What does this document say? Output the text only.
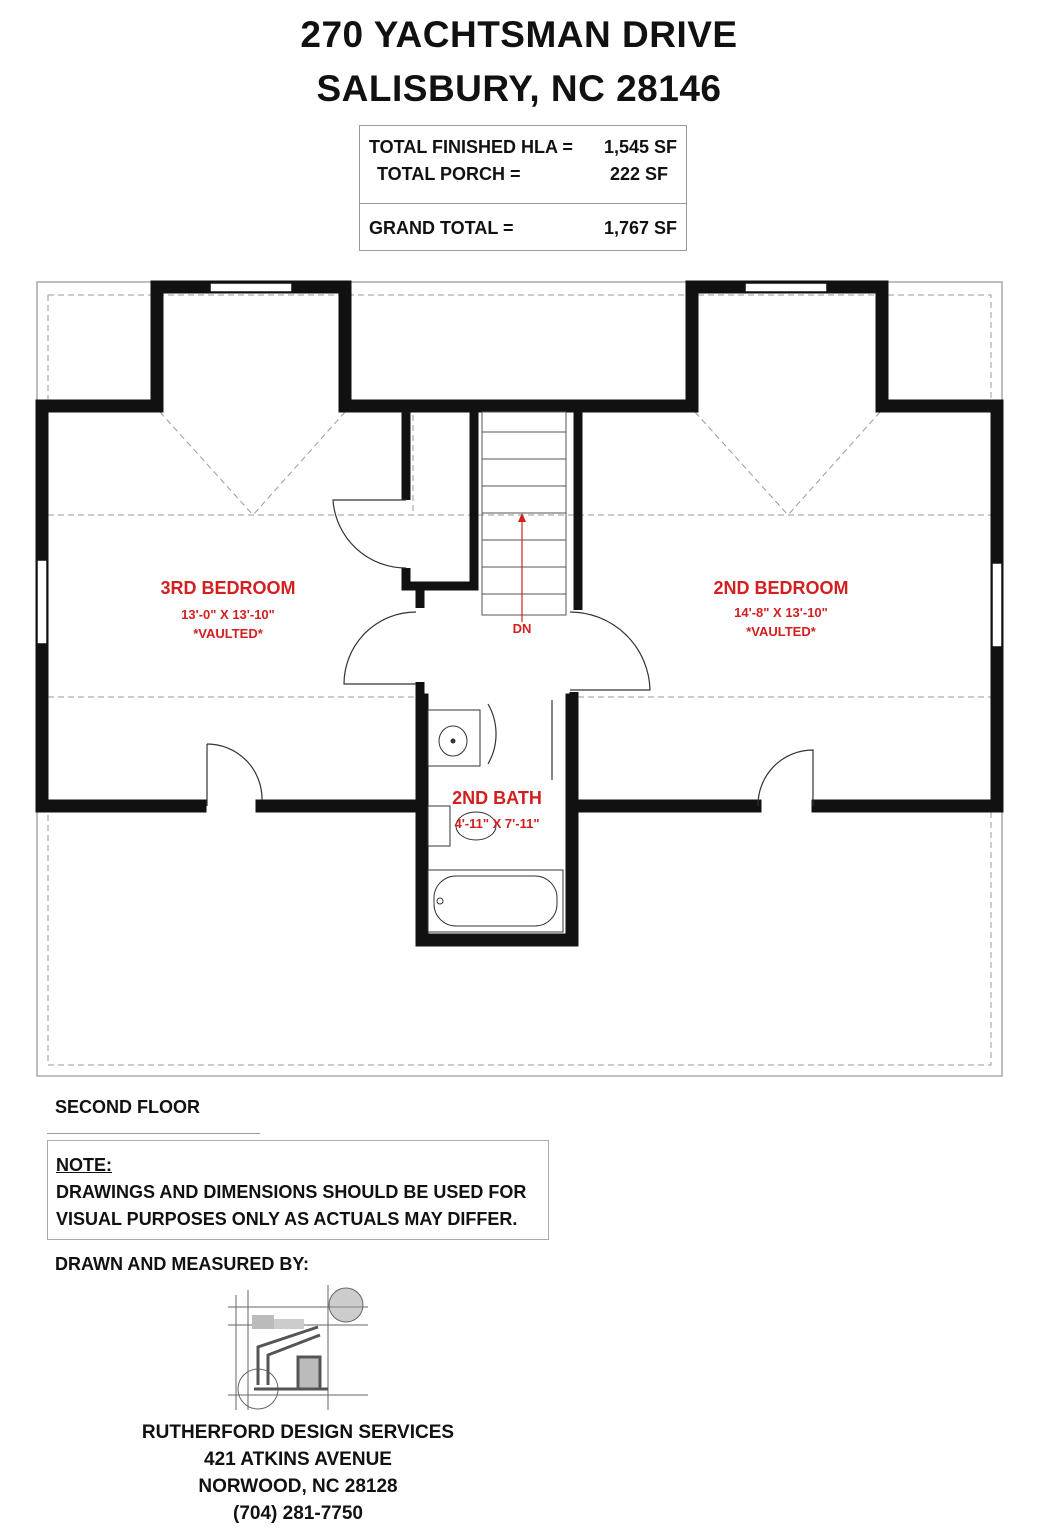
270 YACHTSMAN DRIVE
SALISBURY, NC 28146
TOTAL FINISHED HLA = 1,545 SF
TOTAL PORCH =	222 SF
GRAND TOTAL =	1,767 SF
DN
3RD BEDROOM
13'-0" X 13'-10"
*VAULTED*
2ND BEDROOM
14'-8" X 13'-10"
*VAULTED*
2ND BATH
4'-11" X 7'-11"
SECOND FLOOR
NOTE:
DRAWINGS AND DIMENSIONS SHOULD BE USED FOR
VISUAL PURPOSES ONLY AS ACTUALS MAY DIFFER.
DRAWN AND MEASURED BY:
RUTHERFORD DESIGN SERVICES
421 ATKINS AVENUE
NORWOOD, NC 28128
(704) 281-7750
